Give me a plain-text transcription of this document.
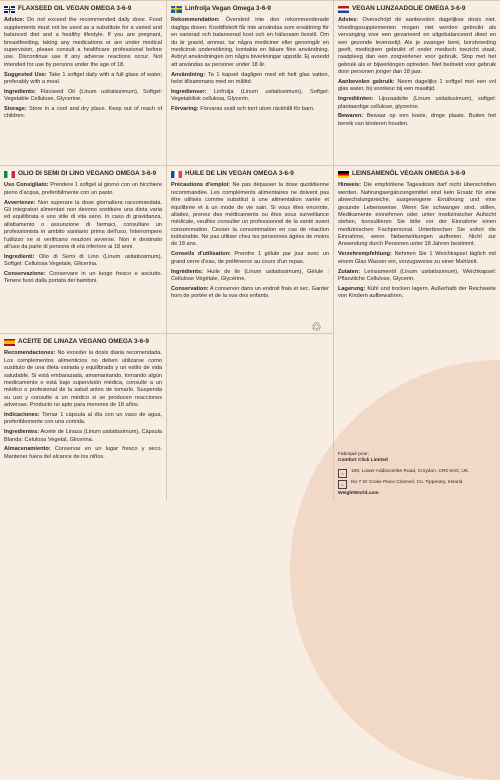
FLAXSEED OIL VEGAN OMEGA 3-6-9

Advice: Do not exceed the recommended daily dose. Food supplements must not be used as a substitute for a varied and balanced diet and a healthy lifestyle. If you are pregnant, breastfeeding, taking any medications or are under medical supervision, please consult a healthcare professional before use. Discontinue use if any adverse reactions occur. Not intended for use by persons under the age of 18.

Suggested Use: Take 1 softgel daily with a full glass of water, preferably with a meal.

Ingredients: Flaxseed Oil (Linum usitatissimum), Softgel: Vegetable Cellulose, Glycerine.

Storage: Store in a cool and dry place. Keep out of reach of children.

Linfrolja Vegan Omega 3-6-9

Rekommendation: Överskrid inte den rekommenderade dagliga dosen. Kosttillskott får inte användas som ersättning för en varierad och balanserad kost och en hälsosam livsstil. Om du är gravid, ammar, tar några mediciner eller genomgår en medicinsk undersökning, kontakta en läkare före användning. Avbryt användningen om några biverkningar uppstår. Ej avsedd att användas av personer under 18 år.

Användning: Ta 1 kapsel dagligen med ett helt glas vatten, helst tillsammans med en måltid.

Ingredienser: Linfrolja (Linum usitatissimum), Softgel: Vegetabilisk cellulosa, Glycerin.

Förvaring: Förvaras svalt och torrt utom räckhåll för barn.

VEGAN LIJNZAADOLIE OMEGA 3-6-9

Advies: Overschrijd de aanbevolen dagelijkse dosis niet. Voedingssupplementen mogen niet worden gebruikt als vervanging voor een gevarieerd en uitgebalanceerd dieet en een gezonde levensstijl. Als je zwanger bent, borstvoeding geeft, medicijnen gebruikt of onder medisch toezicht staat, raadpleeg dan een zorgverlener voor gebruik. Stop met het gebruik als er bijwerkingen optreden. Niet bedoeld voor gebruik door personen jonger dan 18 jaar.

Aanbevolen gebruik: Neem dagelijks 1 softgel met een vol glas water, bij voorkeur bij een maaltijd.

Ingrediënten: Lijnzaadolie (Linum usitatissimum), softgel: plantaardige cellulose, glycerine.

Bewaren: Bewaar op een koele, droge plaats. Buiten het bereik van kinderen houden.

OLIO DI SEMI DI LINO VEGANO OMEGA 3-6-9

Uso Consigliato: Prendere 1 softgel al giorno con un bicchiere pieno d'acqua, preferibilmente con un pasto.

Avvertenze: Non superare la dose giornaliera raccomandata. Gli integratori alimentari non devono sostituire una dieta varia ed equilibrata e uno stile di vita sano. In caso di gravidanza, allattamento o assunzione di farmaci, consultare un professionista in ambito sanitario prima dell'uso. Interrompere l'utilizzo se si verificano reazioni avverse. Non è destinato all'uso da parte di persone di età inferiore ai 18 anni.

Ingredienti: Olio di Semi di Lino (Linum usitatissimum), Softgel: Cellulosa Vegetale, Glicerina.

Conservazione: Conservare in un luogo fresco e asciutto. Tenere fuori dalla portata dei bambini.

HUILE DE LIN VEGAN OMEGA 3-6-9

Précautions d'emploi: Ne pas dépasser la dose quotidienne recommandée. Les compléments alimentaires ne doivent pas être utilisés comme substitut à une alimentation variée et équilibrée et à un mode de vie sain. Si vous êtes enceinte, allaitez, prenez des médicaments ou êtes sous surveillance médicale, veuillez consulter un professionnel de la santé avant consommation. Cesser la consommation en cas de réaction indésirable. Ne pas utiliser chez les personnes âgées de moins de 18 ans.

Conseils d'utilisation: Prendre 1 gélule par jour avec un grand verre d'eau, de préférence au cours d'un repas.

Ingrédients: Huile de lin (Linum usitatissimum), Gélule : Cellulose Végétale, Glycérine.

Conservation: A conserver dans un endroit frais et sec. Garder hors de portée et de la vue des enfants.

♲
LEINSAMENÖL VEGAN OMEGA 3-6-9

Hinweis: Die empfohlene Tagesdosis darf nicht überschritten werden. Nahrungsergänzungsmittel sind kein Ersatz für eine abwechslungsreiche, ausgewogene Ernährung und eine gesunde Lebensweise. Wenn Sie schwanger sind, stillen, Medikamente einnehmen oder unter medizinischer Aufsicht stehen, konsultieren Sie bitte vor der Einnahme einen medizinischen Fachpersonal. Unterbrechen Sie sofort die Einnahme, wenn Nebenwirkungen auftreten. Nicht zur Anwendung durch Personen unter 18 Jahren bestimmt.

Verzehrempfehlung: Nehmen Sie 1 Weichkapsel täglich mit einem Glas Wasser ein, vorzugsweise zu einer Mahlzeit.

Zutaten: Leinsamenöl (Linum usitatissimum), Weichkapsel: Pflanzliche Cellulose, Glycerin.

Lagerung: Kühl und trocken lagern. Außerhalb der Reichweite von Kindern aufbewahren.

ACEITE DE LINAZA VEGANO OMEGA 3-6-9

Recomendaciones: No exceder la dosis diaria recomendada. Los complementos alimenticios no deben utilizarse como sustituto de una dieta variada y equilibrada y un estilo de vida saludable. Si está embarazada, amamantando, tomando algún medicamento o está bajo supervisión médica, consulte a un médico o profesional de la salud antes de tomarlo. Suspenda su uso y consulte a un médico si se producen reacciones adversas. Producto no apto para menores de 18 años.

Indicaciones: Tomar 1 cápsula al día con un vaso de agua, preferiblemente con una comida.

Ingredientes: Aceite de Linaza (Linum usitatissimum), Cápsula Blanda: Celulosa Vegetal, Glicerina.

Almacenamiento: Conservar en un lugar fresco y seco. Mantener fuera del alcance de los niños.	Fabriqué pour:
Comfort Click Limited
⌂	106, Lower Addiscombe Road, Croydon, CR0 6AD, UK.
⌂	No 7 Dr Croke Place Clonmel, Co. Tipperary, Ireland
WeightWorld.com
